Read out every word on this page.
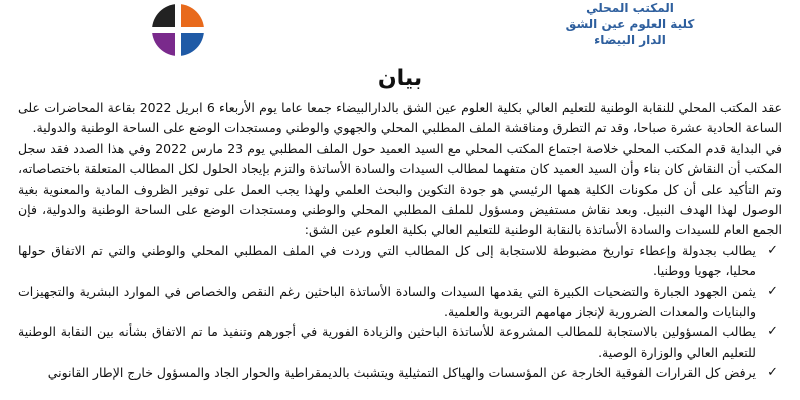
المكتب المحلي
كلية العلوم عين الشق
الدار البيضاء
بيان

عقد المكتب المحلي للنقابة الوطنية للتعليم العالي بكلية العلوم عين الشق بالدارالبيضاء جمعا عاما يوم الأربعاء 6 ابريل 2022 بقاعة المحاضرات على الساعة الحادية عشرة صباحا، وقد تم التطرق ومناقشة الملف المطلبي المحلي والجهوي والوطني ومستجدات الوضع على الساحة الوطنية والدولية.

في البداية قدم المكتب المحلي خلاصة اجتماع المكتب المحلي مع السيد العميد حول الملف المطلبي يوم 23 مارس 2022 وفي هذا الصدد فقد سجل المكتب أن النقاش كان بناء وأن السيد العميد كان متفهما لمطالب السيدات والسادة الأساتذة والتزم بإيجاد الحلول لكل المطالب المتعلقة باختصاصاته، وتم التأكيد على أن كل مكونات الكلية همها الرئيسي هو جودة التكوين والبحث العلمي ولهذا يجب العمل على توفير الظروف المادية والمعنوية بغية الوصول لهذا الهدف النبيل. وبعد نقاش مستفيض ومسؤول للملف المطلبي المحلي والوطني ومستجدات الوضع على الساحة الوطنية والدولية، فإن الجمع العام للسيدات والسادة الأساتذة بالنقابة الوطنية للتعليم العالي بكلية العلوم عين الشق:

✓
يطالب بجدولة وإعطاء تواريخ مضبوطة للاستجابة إلى كل المطالب التي وردت في الملف المطلبي المحلي والوطني والتي تم الاتفاق حولها محليا، جهويا ووطنيا.
✓
يثمن الجهود الجبارة والتضحيات الكبيرة التي يقدمها السيدات والسادة الأساتذة الباحثين رغم النقص والخصاص في الموارد البشرية والتجهيزات والبنايات والمعدات الضرورية لإنجاز مهامهم التربوية والعلمية.
✓
يطالب المسؤولين بالاستجابة للمطالب المشروعة للأساتذة الباحثين والزيادة الفورية في أجورهم وتنفيذ ما تم الاتفاق بشأنه بين النقابة الوطنية للتعليم العالي والوزارة الوصية.
✓
يرفض كل القرارات الفوقية الخارجة عن المؤسسات والهياكل التمثيلية ويتشبث بالديمقراطية والحوار الجاد والمسؤول خارج الإطار القانوني
